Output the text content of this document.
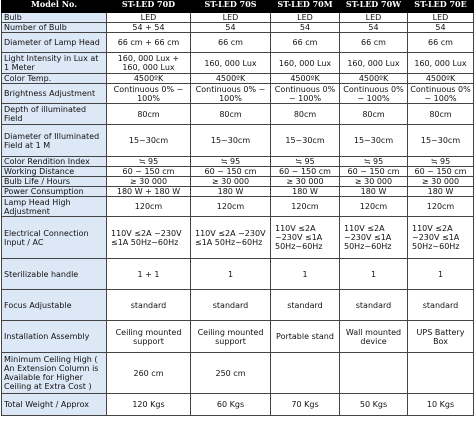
Model No.	ST-LED 70D	ST-LED 70S	ST-LED 70M	ST-LED 70W	ST-LED 70E
Bulb	LED	LED	LED	LED	LED
Number of Bulb	54 + 54	54	54	54	54
Diameter of Lamp Head	66 cm + 66 cm	66 cm	66 cm	66 cm	66 cm
Light Intensity in Lux at 1 Meter	160, 000 Lux + 160, 000 Lux	160, 000 Lux	160, 000 Lux	160, 000 Lux	160, 000 Lux
Color Temp.	4500ºK	4500ºK	4500ºK	4500ºK	4500ºK
Brightness Adjustment	Continuous 0% ~ 100%	Continuous 0% ~ 100%	Continuous 0% ~ 100%	Continuous 0% ~ 100%	Continuous 0% ~ 100%
Depth of illuminated Field	80cm	80cm	80cm	80cm	80cm
Diameter of Illuminated Field at 1 M	15~30cm	15~30cm	15~30cm	15~30cm	15~30cm
Color Rendition Index	≒ 95	≒ 95	≒ 95	≒ 95	≒ 95
Working Distance	60 ~ 150 cm	60 ~ 150 cm	60 ~ 150 cm	60 ~ 150 cm	60 ~ 150 cm
Bulb Life / Hours	≥ 30 000	≥ 30 000	≥ 30 000	≥ 30 000	≥ 30 000
Power Consumption	180 W + 180 W	180 W	180 W	180 W	180 W
Lamp Head High Adjustment	120cm	120cm	120cm	120cm	120cm
Electrical Connection Input / AC	110V ≤2A ~230V ≤1A 50Hz~60Hz	110V ≤2A ~230V ≤1A 50Hz~60Hz	110V ≤2A ~230V ≤1A 50Hz~60Hz	110V ≤2A ~230V ≤1A 50Hz~60Hz	110V ≤2A ~230V ≤1A 50Hz~60Hz
Sterilizable handle	1 + 1	1	1	1	1
Focus Adjustable	standard	standard	standard	standard	standard
Installation Assembly	Ceiling mounted support	Ceiling mounted support	Portable stand	Wall mounted device	UPS Battery Box
Minimum Ceiling High ( An Extension Column is Available for Higher Ceiling at Extra Cost )	260 cm	250 cm			
Total Weight / Approx	120 Kgs	60 Kgs	70 Kgs	50 Kgs	10 Kgs
